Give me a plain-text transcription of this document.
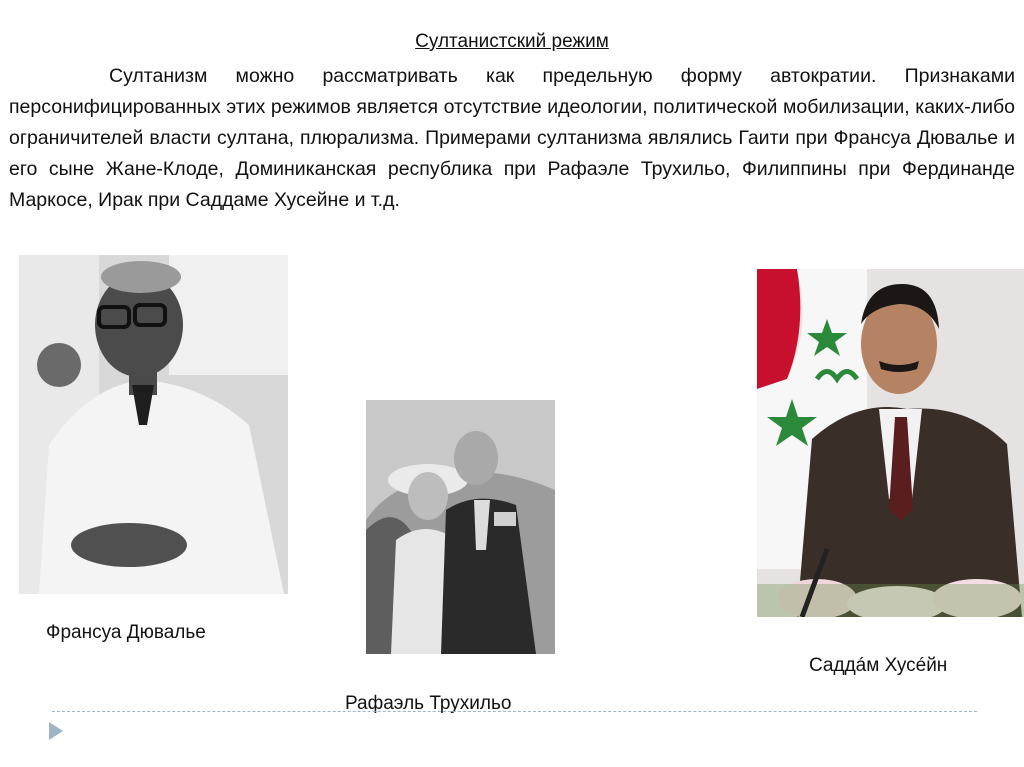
Султанистский режим

Султанизм можно рассматривать как предельную форму автократии. Признаками персонифицированных этих режимов является отсутствие идеологии, политической мобилизации, каких-либо ограничителей власти султана, плюрализма. Примерами султанизма являлись Гаити при Франсуа Дювалье и его сыне Жане-Клоде, Доминиканская республика при Рафаэле Трухильо, Филиппины при Фердинанде Маркосе, Ирак при Саддаме Хусейне и т.д.

Франсуа Дювалье
Рафаэль Трухильо
Саддáм Хусéйн
